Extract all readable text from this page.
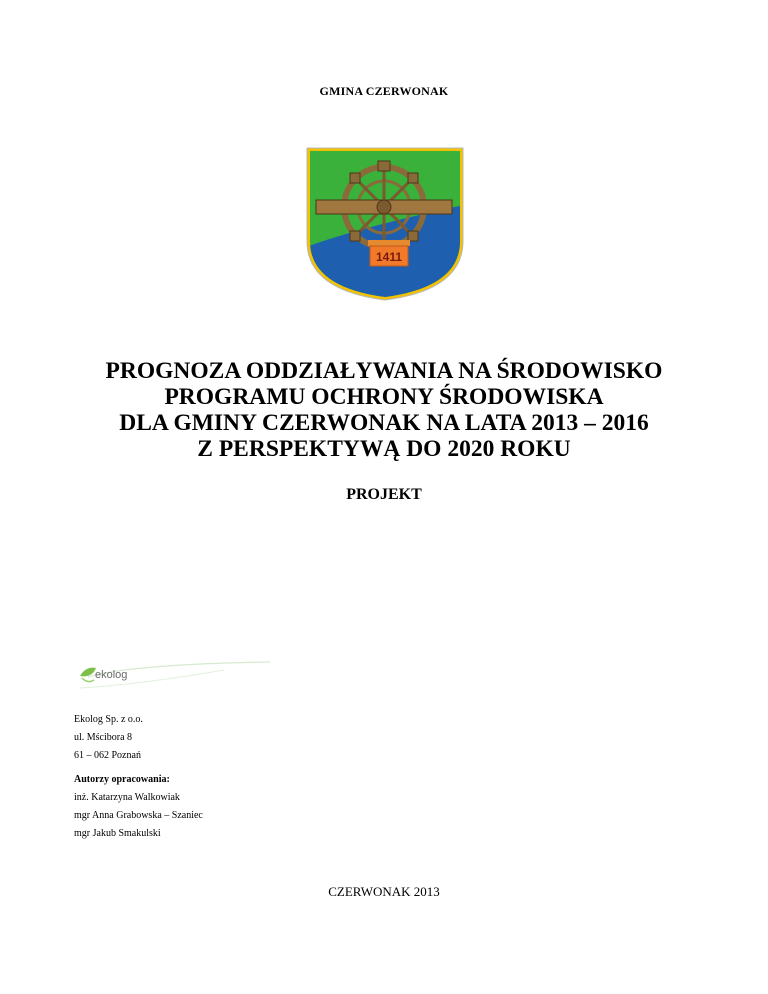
GMINA CZERWONAK
1411
PROGNOZA ODDZIAŁYWANIA NA ŚRODOWISKO
PROGRAMU OCHRONY ŚRODOWISKA
DLA GMINY CZERWONAK NA LATA 2013 – 2016
Z PERSPEKTYWĄ DO 2020 ROKU
PROJEKT
ekolog
Ekolog Sp. z o.o.
ul. Mścibora 8
61 – 062 Poznań
Autorzy opracowania:
inż. Katarzyna Walkowiak
mgr Anna Grabowska – Szaniec
mgr Jakub Smakulski
CZERWONAK 2013
